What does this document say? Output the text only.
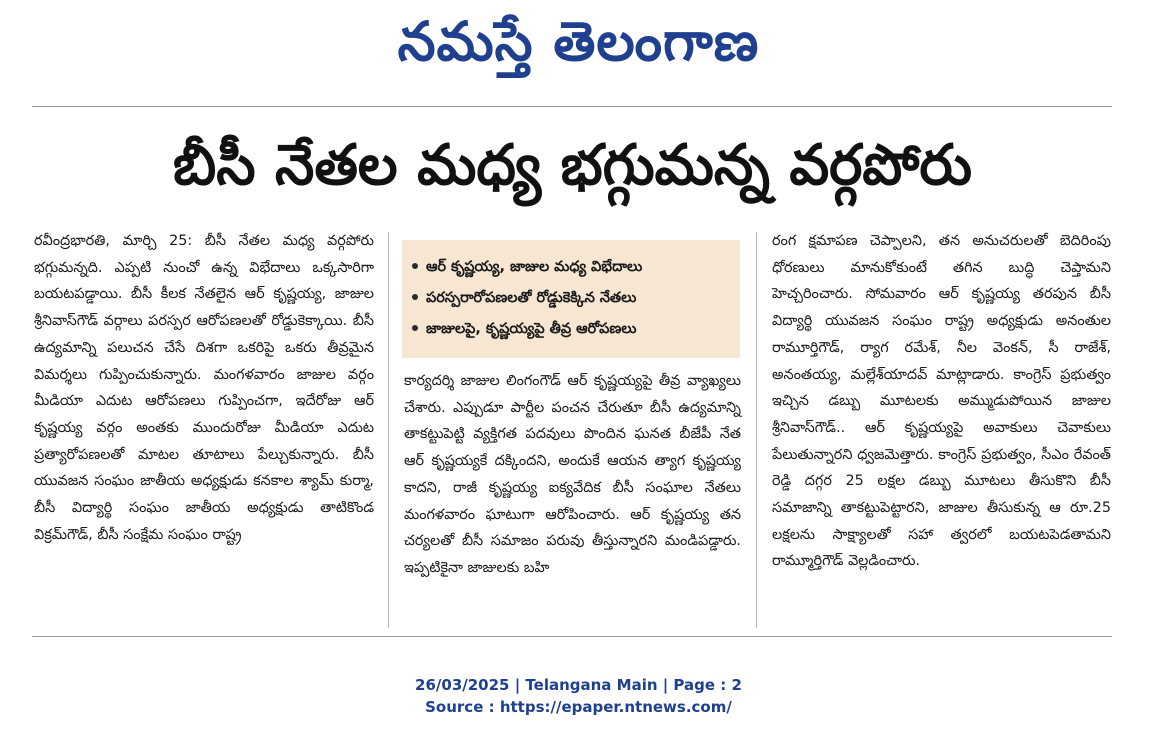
నమస్తే తెలంగాణ
బీసీ నేతల మధ్య భగ్గుమన్న వర్గపోరు

రవీంద్రభారతి, మార్చి 25: బీసీ నేతల మధ్య వర్గపోరు భగ్గుమన్నది. ఎప్పటి నుంచో ఉన్న విభేదాలు ఒక్కసారిగా బయటపడ్డాయి. బీసీ కీలక నేతలైన ఆర్‌ కృష్ణయ్య, జాజుల శ్రీనివాస్‌గౌడ్‌ వర్గాలు పరస్పర ఆరోపణలతో రోడ్డుకెక్కాయి. బీసీ ఉద్యమాన్ని పలుచన చేసే దిశగా ఒకరిపై ఒకరు తీవ్రమైన విమర్శలు గుప్పించుకున్నారు. మంగళవారం జాజుల వర్గం మీడియా ఎదుట ఆరోపణలు గుప్పించగా, ఇదేరోజు ఆర్‌ కృష్ణయ్య వర్గం అంతకు ముందురోజు మీడియా ఎదుట ప్రత్యారోపణలతో మాటల తూటాలు పేల్చుకున్నారు. బీసీ యువజన సంఘం జాతీయ అధ్యక్షుడు కనకాల శ్యామ్‌ కుర్మా, బీసీ విద్యార్థి సంఘం జాతీయ అధ్యక్షుడు తాటికొండ విక్రమ్‌గౌడ్‌, బీసీ సంక్షేమ సంఘం రాష్ట్ర

ఆర్‌ కృష్ణయ్య, జాజుల మధ్య విభేదాలు
పరస్పరారోపణలతో రోడ్డుకెక్కిన నేతలు
జాజులపై, కృష్ణయ్యపై తీవ్ర ఆరోపణలు

కార్యదర్శి జాజుల లింగంగౌడ్‌ ఆర్‌ కృష్ణయ్యపై తీవ్ర వ్యాఖ్యలు చేశారు. ఎప్పుడూ పార్టీల పంచన చేరుతూ బీసీ ఉద్యమాన్ని తాకట్టుపెట్టి వ్యక్తిగత పదవులు పొందిన ఘనత బీజేపీ నేత ఆర్‌ కృష్ణయ్యకే దక్కిందని, అందుకే ఆయన త్యాగ కృష్ణయ్య కాదని, రాజీ కృష్ణయ్య ఐక్యవేదిక బీసీ సంఘాల నేతలు మంగళవారం ఘాటుగా ఆరోపించారు. ఆర్‌ కృష్ణయ్య తన చర్యలతో బీసీ సమాజం పరువు తీస్తున్నారని మండిపడ్డారు. ఇప్పటికైనా జాజులకు బహి

రంగ క్షమాపణ చెప్పాలని, తన అనుచరులతో బెదిరింపు ధోరణులు మానుకోకుంటే తగిన బుద్ధి చెప్తామని హెచ్చరించారు. సోమవారం ఆర్‌ కృష్ణయ్య తరపున బీసీ విద్యార్థి యువజన సంఘం రాష్ట్ర అధ్యక్షుడు అనంతుల రామూర్తిగౌడ్‌, ర్యాగ రమేశ్‌, నీల వెంకన్‌, సీ రాజేశ్‌, అనంతయ్య, మల్లేశ్‌యాదవ్‌ మాట్లాడారు. కాంగ్రెస్‌ ప్రభుత్వం ఇచ్చిన డబ్బు మూటలకు అమ్ముడుపోయిన జాజుల శ్రీనివాస్‌గౌడ్‌.. ఆర్‌ కృష్ణయ్యపై అవాకులు చెవాకులు పేలుతున్నారని ధ్వజమెత్తారు. కాంగ్రెస్‌ ప్రభుత్వం, సీఎం రేవంత్‌ రెడ్డి దగ్గర 25 లక్షల డబ్బు మూటలు తీసుకొని బీసీ సమాజాన్ని తాకట్టుపెట్టారని, జాజుల తీసుకున్న ఆ రూ.25 లక్షలను సాక్ష్యాలతో సహా త్వరలో బయటపెడతామని రామ్మూర్తిగౌడ్‌ వెల్లడించారు.

26/03/2025 | Telangana Main | Page : 2
Source : https://epaper.ntnews.com/
